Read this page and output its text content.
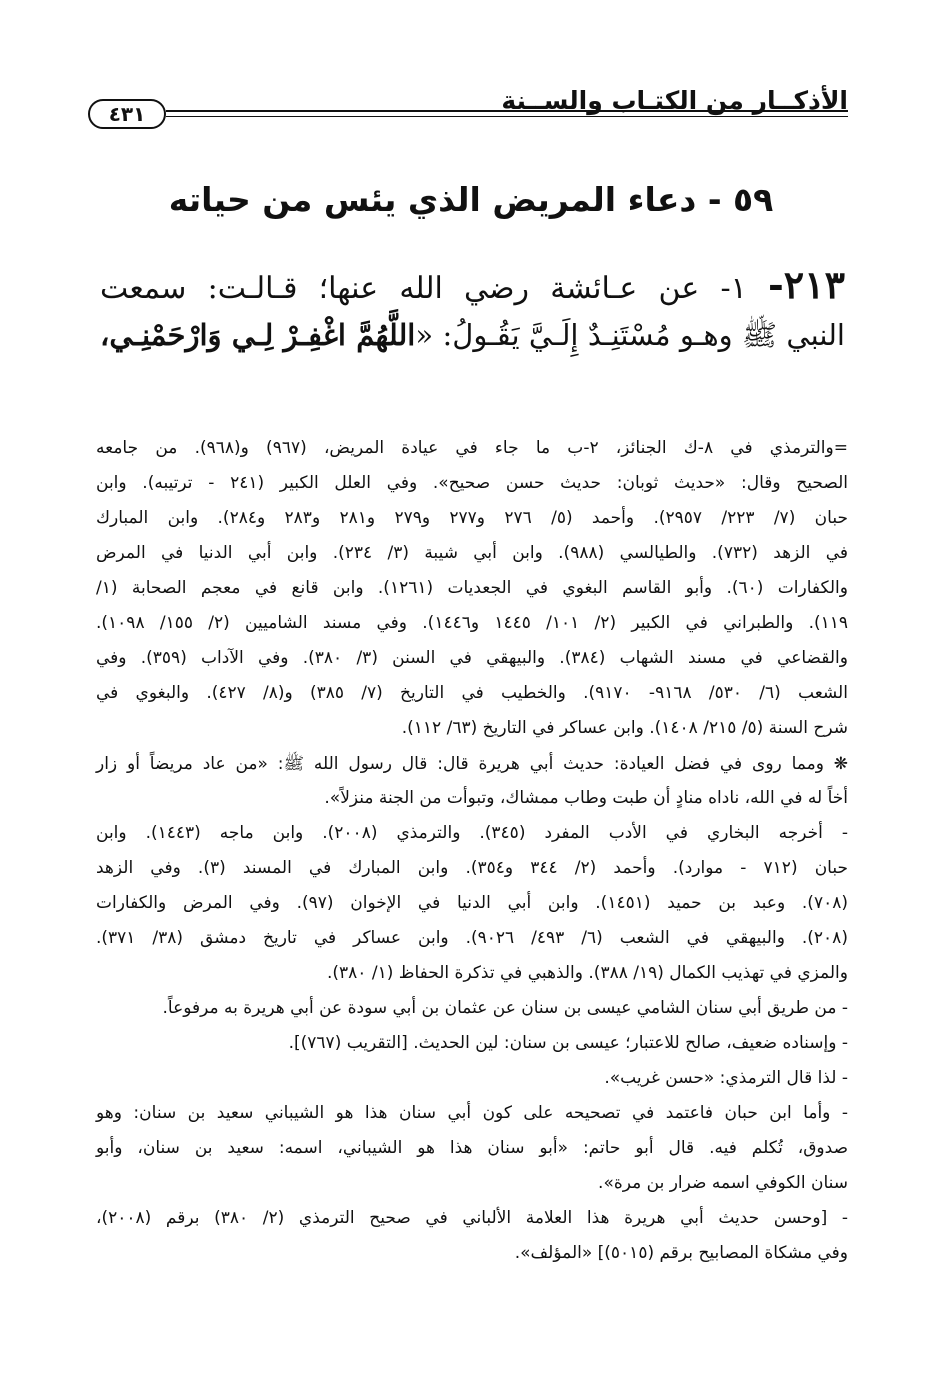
الأذكــار من الكتـاب والســنة
٤٣١
٥٩ - دعاء المريض الذي يئس من حياته
٢١٣- ١- عن عـائشة رضي الله عنها؛ قـالـت: سمعت
النبي ﷺ وهـو مُسْتَنِـدٌ إِلَـيَّ يَقُـولُ: «اللَّهُمَّ اغْفِـرْ لِـي وَارْحَمْنِـي،
=والترمذي في ٨-ك الجنائز، ٢-ب ما جاء في عيادة المريض، (٩٦٧) و(٩٦٨). من جامعه
الصحيح وقال: «حديث ثوبان: حديث حسن صحيح». وفي العلل الكبير (٢٤١ - ترتيبه). وابن
حبان (٧/ ٢٢٣/ ٢٩٥٧). وأحمد (٥/ ٢٧٦ و٢٧٧ و٢٧٩ و٢٨١ و٢٨٣ و٢٨٤). وابن المبارك
في الزهد (٧٣٢). والطيالسي (٩٨٨). وابن أبي شيبة (٣/ ٢٣٤). وابن أبي الدنيا في المرض
والكفارات (٦٠). وأبو القاسم البغوي في الجعديات (١٢٦١). وابن قانع في معجم الصحابة (١/
١١٩). والطبراني في الكبير (٢/ ١٠١/ ١٤٤٥ و١٤٤٦). وفي مسند الشاميين (٢/ ١٥٥/ ١٠٩٨).
والقضاعي في مسند الشهاب (٣٨٤). والبيهقي في السنن (٣/ ٣٨٠). وفي الآداب (٣٥٩). وفي
الشعب (٦/ ٥٣٠/ ٩١٦٨- ٩١٧٠). والخطيب في التاريخ (٧/ ٣٨٥) و(٨/ ٤٢٧). والبغوي في
شرح السنة (٥/ ٢١٥/ ١٤٠٨). وابن عساكر في التاريخ (٦٣/ ١١٢).
❋ ومما روى في فضل العيادة: حديث أبي هريرة قال: قال رسول الله ﷺ: «من عاد مريضاً أو زار
أخاً له في الله، ناداه منادٍ أن طبت وطاب ممشاك، وتبوأت من الجنة منزلاً».
- أخرجه البخاري في الأدب المفرد (٣٤٥). والترمذي (٢٠٠٨). وابن ماجه (١٤٤٣). وابن
حبان (٧١٢ - موارد). وأحمد (٢/ ٣٤٤ و٣٥٤). وابن المبارك في المسند (٣). وفي الزهد
(٧٠٨). وعبد بن حميد (١٤٥١). وابن أبي الدنيا في الإخوان (٩٧). وفي المرض والكفارات
(٢٠٨). والبيهقي في الشعب (٦/ ٤٩٣/ ٩٠٢٦). وابن عساكر في تاريخ دمشق (٣٨/ ٣٧١).
والمزي في تهذيب الكمال (١٩/ ٣٨٨). والذهبي في تذكرة الحفاظ (١/ ٣٨٠).
- من طريق أبي سنان الشامي عيسى بن سنان عن عثمان بن أبي سودة عن أبي هريرة به مرفوعاً.
- وإسناده ضعيف، صالح للاعتبار؛ عيسى بن سنان: لين الحديث. [التقريب (٧٦٧)].
- لذا قال الترمذي: «حسن غريب».
- وأما ابن حبان فاعتمد في تصحيحه على كون أبي سنان هذا هو الشيباني سعيد بن سنان: وهو
صدوق، تُكلم فيه. قال أبو حاتم: «أبو سنان هذا هو الشيباني، اسمه: سعيد بن سنان، وأبو
سنان الكوفي اسمه ضرار بن مرة».
- [وحسن حديث أبي هريرة هذا العلامة الألباني في صحيح الترمذي (٢/ ٣٨٠) برقم (٢٠٠٨)،
وفي مشكاة المصابيح برقم (٥٠١٥)] «المؤلف».
